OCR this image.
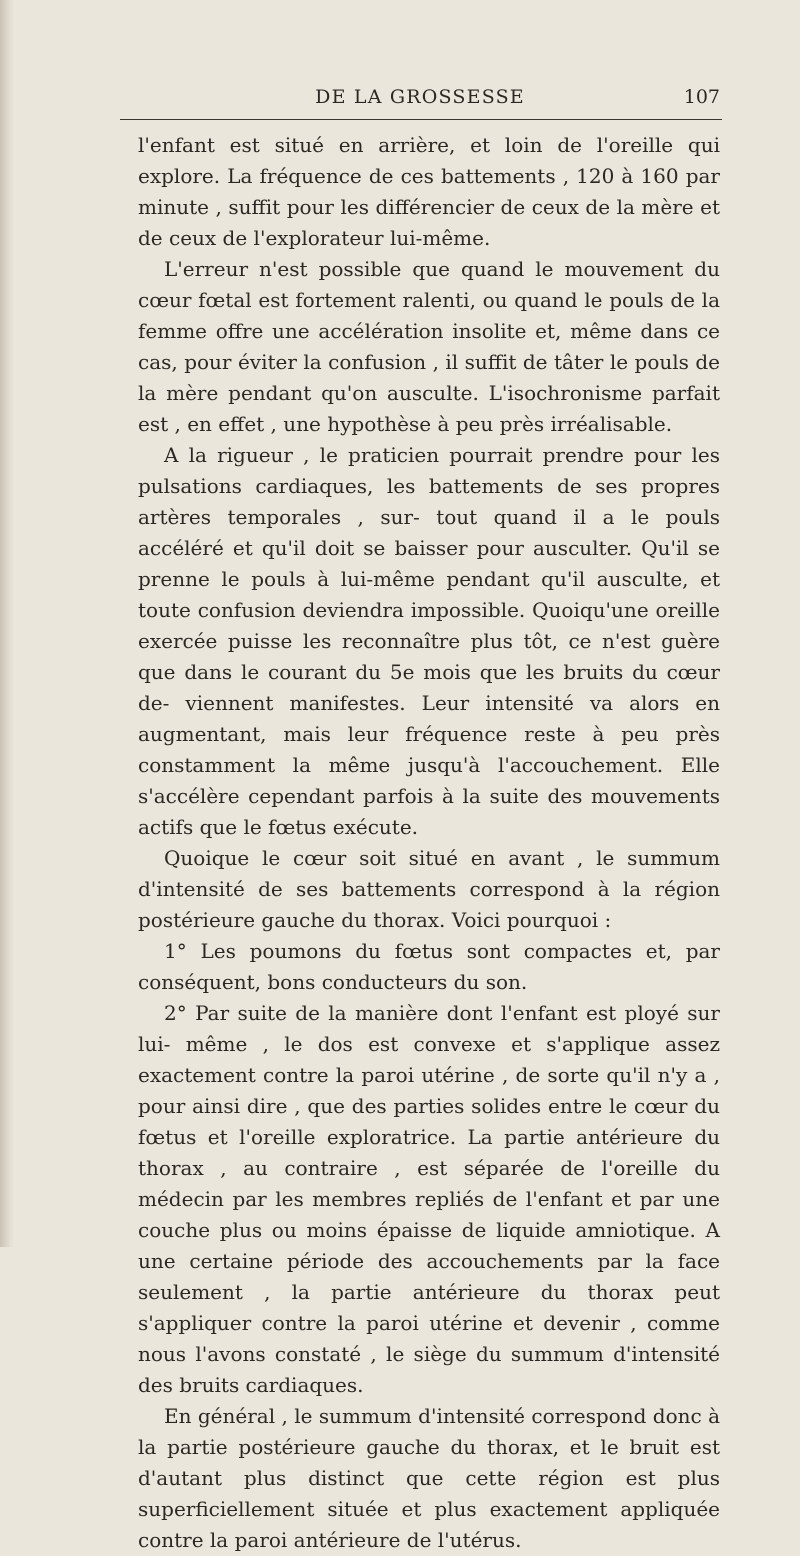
DE LA GROSSESSE	107

l'enfant est situé en arrière, et loin de l'oreille qui explore. La fréquence de ces battements , 120 à 160 par minute , suffit pour les différencier de ceux de la mère et de ceux de l'explorateur lui-même.

L'erreur n'est possible que quand le mouvement du cœur fœtal est fortement ralenti, ou quand le pouls de la femme offre une accélération insolite et, même dans ce cas, pour éviter la confusion , il suffit de tâter le pouls de la mère pendant qu'on ausculte. L'isochronisme parfait est , en effet , une hypothèse à peu près irréalisable.

A la rigueur , le praticien pourrait prendre pour les pulsations cardiaques, les battements de ses propres artères temporales , sur- tout quand il a le pouls accéléré et qu'il doit se baisser pour ausculter. Qu'il se prenne le pouls à lui-même pendant qu'il ausculte, et toute confusion deviendra impossible. Quoiqu'une oreille exercée puisse les reconnaître plus tôt, ce n'est guère que dans le courant du 5e mois que les bruits du cœur de- viennent manifestes. Leur intensité va alors en augmentant, mais leur fréquence reste à peu près constamment la même jusqu'à l'accouchement. Elle s'accélère cependant parfois à la suite des mouvements actifs que le fœtus exécute.

Quoique le cœur soit situé en avant , le summum d'intensité de ses battements correspond à la région postérieure gauche du thorax. Voici pourquoi :

1° Les poumons du fœtus sont compactes et, par conséquent, bons conducteurs du son.

2° Par suite de la manière dont l'enfant est ployé sur lui- même , le dos est convexe et s'applique assez exactement contre la paroi utérine , de sorte qu'il n'y a , pour ainsi dire , que des parties solides entre le cœur du fœtus et l'oreille exploratrice. La partie antérieure du thorax , au contraire , est séparée de l'oreille du médecin par les membres repliés de l'enfant et par une couche plus ou moins épaisse de liquide amniotique. A une certaine période des accouchements par la face seulement , la partie antérieure du thorax peut s'appliquer contre la paroi utérine et devenir , comme nous l'avons constaté , le siège du summum d'intensité des bruits cardiaques.

En général , le summum d'intensité correspond donc à la partie postérieure gauche du thorax, et le bruit est d'autant plus distinct que cette région est plus superficiellement située et plus exactement appliquée contre la paroi antérieure de l'utérus.
